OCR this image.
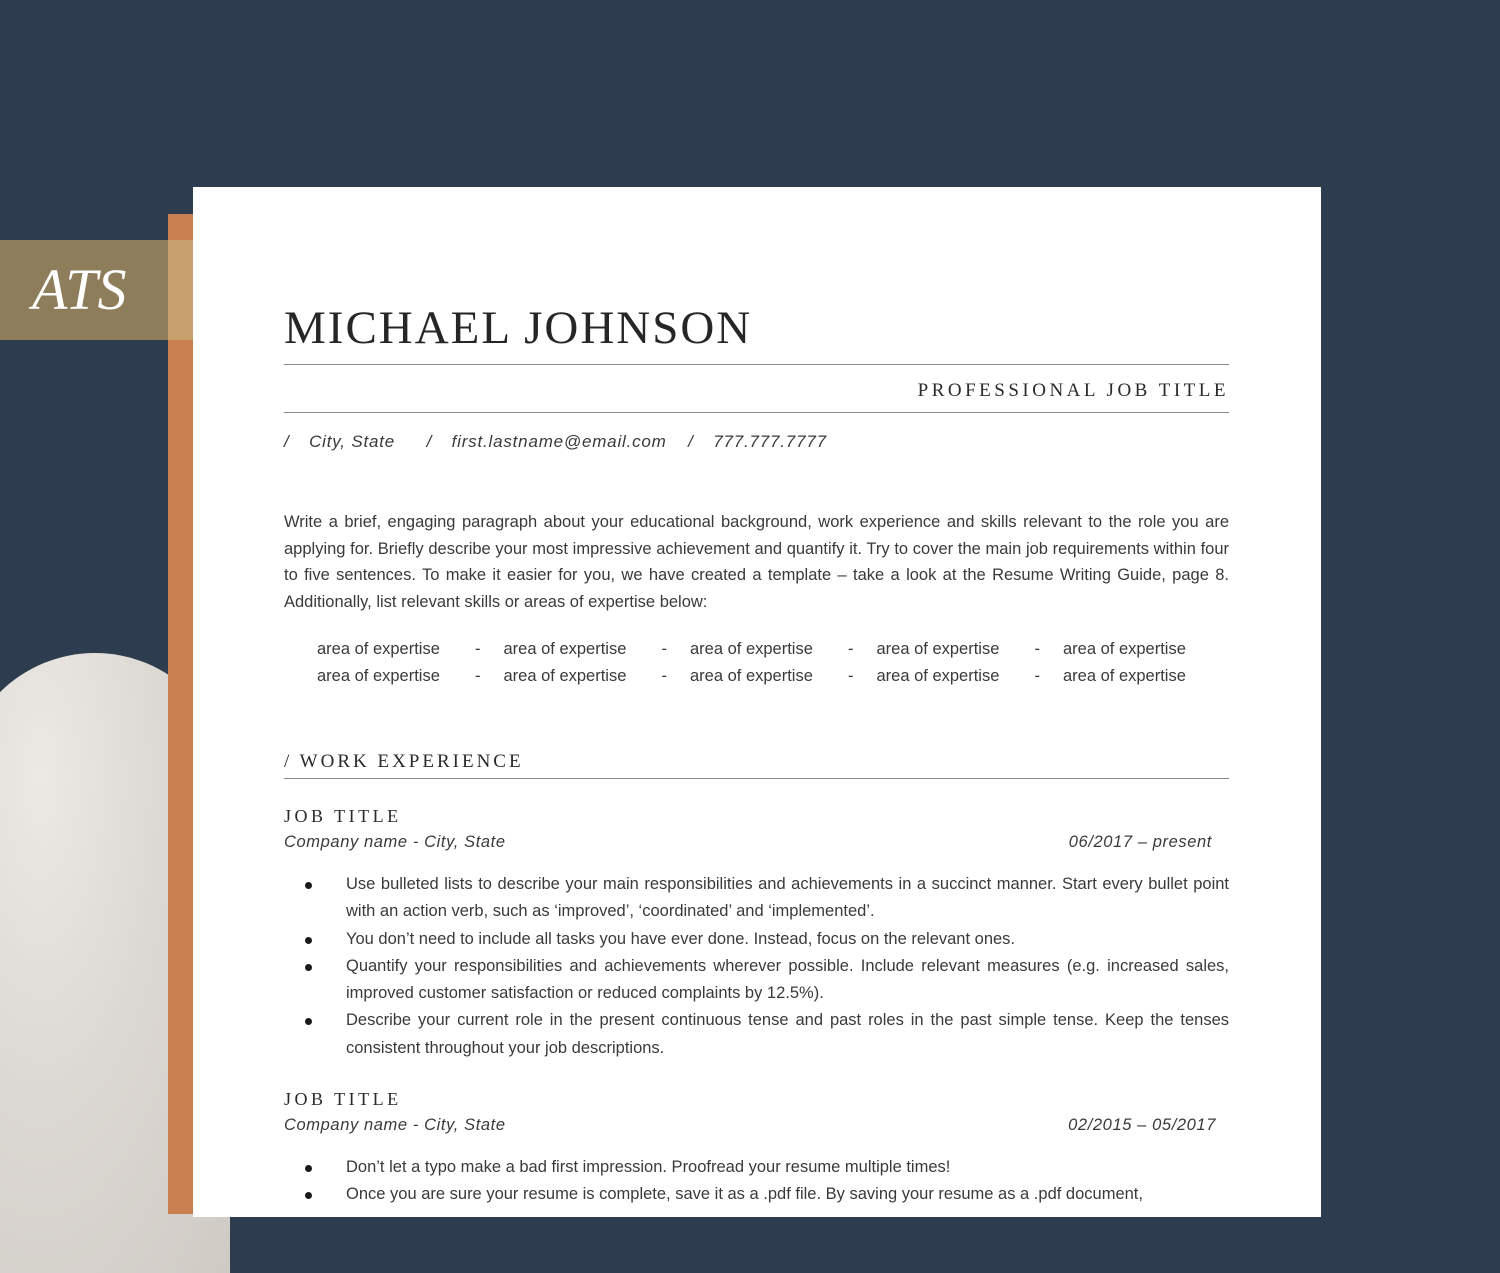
ATS
MICHAEL JOHNSON
PROFESSIONAL JOB TITLE
/ City, State / first.lastname@email.com / 777.777.7777
Write a brief, engaging paragraph about your educational background, work experience and skills relevant to the role you are applying for. Briefly describe your most impressive achievement and quantify it. Try to cover the main job requirements within four to five sentences. To make it easier for you, we have created a template – take a look at the Resume Writing Guide, page 8. Additionally, list relevant skills or areas of expertise below:
area of expertise	-	area of expertise	-	area of expertise	-	area of expertise	-	area of expertise
area of expertise	-	area of expertise	-	area of expertise	-	area of expertise	-	area of expertise
/ WORK EXPERIENCE
JOB TITLE
Company name - City, State	06/2017 – present
Use bulleted lists to describe your main responsibilities and achievements in a succinct manner. Start every bullet point with an action verb, such as ‘improved’, ‘coordinated’ and ‘implemented’.
You don’t need to include all tasks you have ever done. Instead, focus on the relevant ones.
Quantify your responsibilities and achievements wherever possible. Include relevant measures (e.g. increased sales, improved customer satisfaction or reduced complaints by 12.5%).
Describe your current role in the present continuous tense and past roles in the past simple tense. Keep the tenses consistent throughout your job descriptions.
JOB TITLE
Company name - City, State	02/2015 – 05/2017
Don’t let a typo make a bad first impression. Proofread your resume multiple times!
Once you are sure your resume is complete, save it as a .pdf file. By saving your resume as a .pdf document,
